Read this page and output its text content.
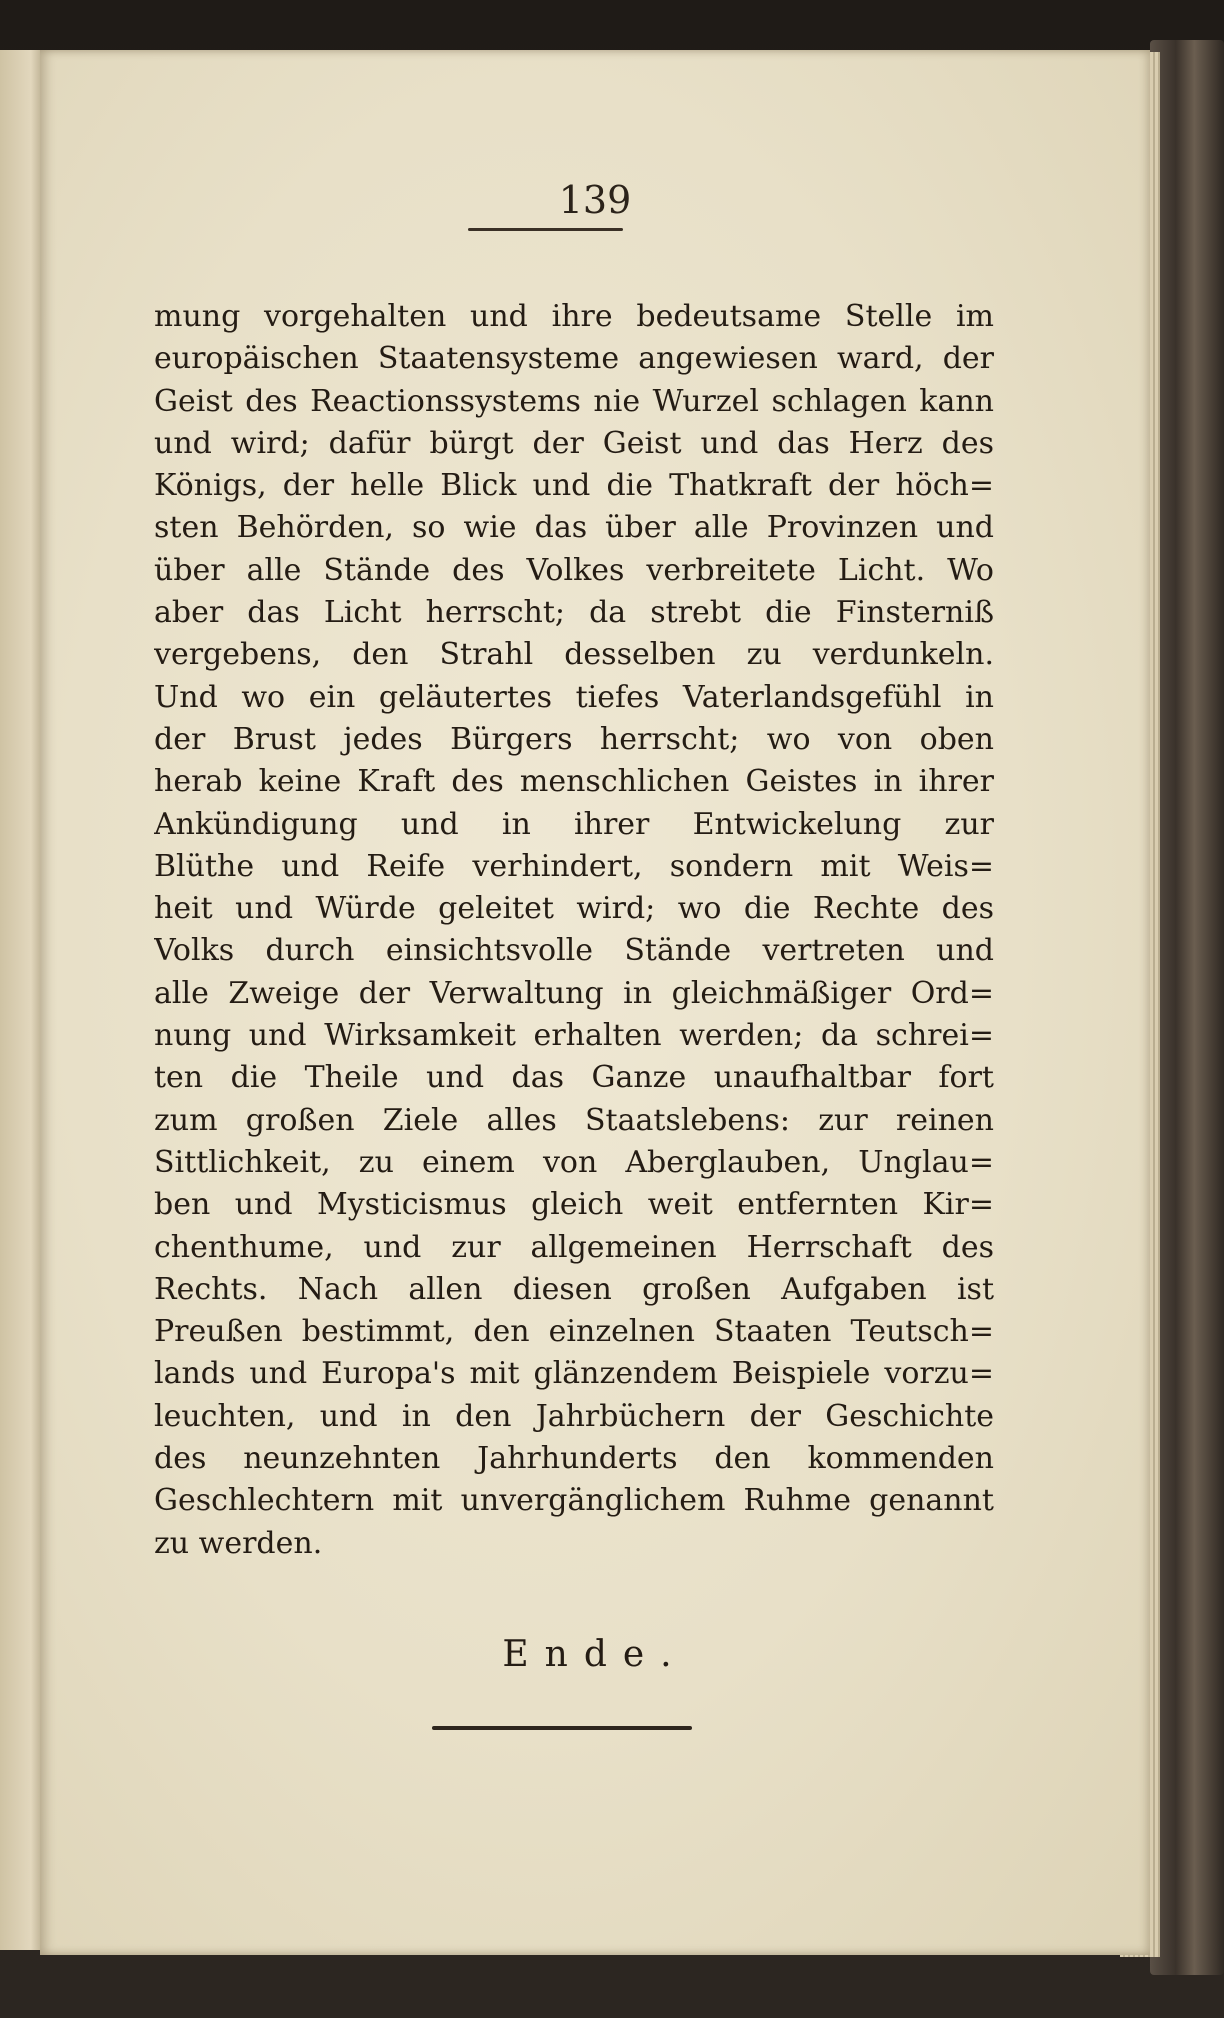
139
mung vorgehalten und ihre bedeutsame Stelle im
europäischen Staatensysteme angewiesen ward, der
Geist des Reactionssystems nie Wurzel schlagen kann
und wird; dafür bürgt der Geist und das Herz des
Königs, der helle Blick und die Thatkraft der höch=
sten Behörden, so wie das über alle Provinzen und
über alle Stände des Volkes verbreitete Licht. Wo
aber das Licht herrscht; da strebt die Finsterniß
vergebens, den Strahl desselben zu verdunkeln.
Und wo ein geläutertes tiefes Vaterlandsgefühl in
der Brust jedes Bürgers herrscht; wo von oben
herab keine Kraft des menschlichen Geistes in ihrer
Ankündigung und in ihrer Entwickelung zur
Blüthe und Reife verhindert, sondern mit Weis=
heit und Würde geleitet wird; wo die Rechte des
Volks durch einsichtsvolle Stände vertreten und
alle Zweige der Verwaltung in gleichmäßiger Ord=
nung und Wirksamkeit erhalten werden; da schrei=
ten die Theile und das Ganze unaufhaltbar fort
zum großen Ziele alles Staatslebens: zur reinen
Sittlichkeit, zu einem von Aberglauben, Unglau=
ben und Mysticismus gleich weit entfernten Kir=
chenthume, und zur allgemeinen Herrschaft des
Rechts. Nach allen diesen großen Aufgaben ist
Preußen bestimmt, den einzelnen Staaten Teutsch=
lands und Europa's mit glänzendem Beispiele vorzu=
leuchten, und in den Jahrbüchern der Geschichte
des neunzehnten Jahrhunderts den kommenden
Geschlechtern mit unvergänglichem Ruhme genannt
zu werden.
Ende.
